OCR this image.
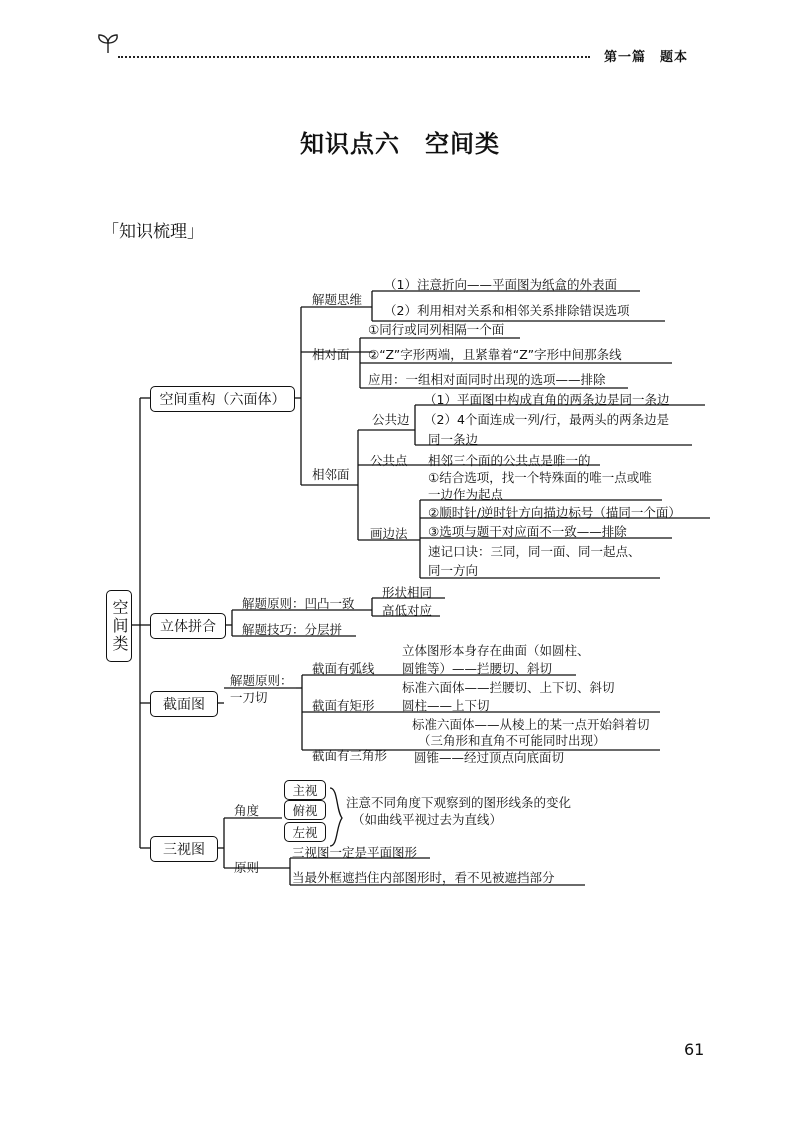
第一篇　题本
知识点六　空间类
「知识梳理」
空间类
空间重构（六面体）
立体拼合
截面图
三视图
解题思维
（1）注意折向——平面图为纸盒的外表面
（2）利用相对关系和相邻关系排除错误选项
相对面
①同行或同列相隔一个面
②“Z”字形两端，且紧靠着“Z”字形中间那条线
应用：一组相对面同时出现的选项——排除
相邻面
公共边
（1）平面图中构成直角的两条边是同一条边
（2）4个面连成一列/行，最两头的两条边是
同一条边
公共点 相邻三个面的公共点是唯一的
画边法
①结合选项，找一个特殊面的唯一点或唯
一边作为起点
②顺时针/逆时针方向描边标号（描同一个面）
③选项与题干对应面不一致——排除
速记口诀：三同，同一面、同一起点、
同一方向
解题原则：凹凸一致
形状相同
高低对应
解题技巧：分层拼
解题原则：
一刀切
截面有弧线
立体图形本身存在曲面（如圆柱、
圆锥等）——拦腰切、斜切
截面有矩形
标准六面体——拦腰切、上下切、斜切
圆柱——上下切
截面有三角形
标准六面体——从棱上的某一点开始斜着切
（三角形和直角不可能同时出现）
圆锥——经过顶点向底面切
角度
主视
俯视
左视
注意不同角度下观察到的图形线条的变化
（如曲线平视过去为直线）
原则
三视图一定是平面图形
当最外框遮挡住内部图形时，看不见被遮挡部分
61
